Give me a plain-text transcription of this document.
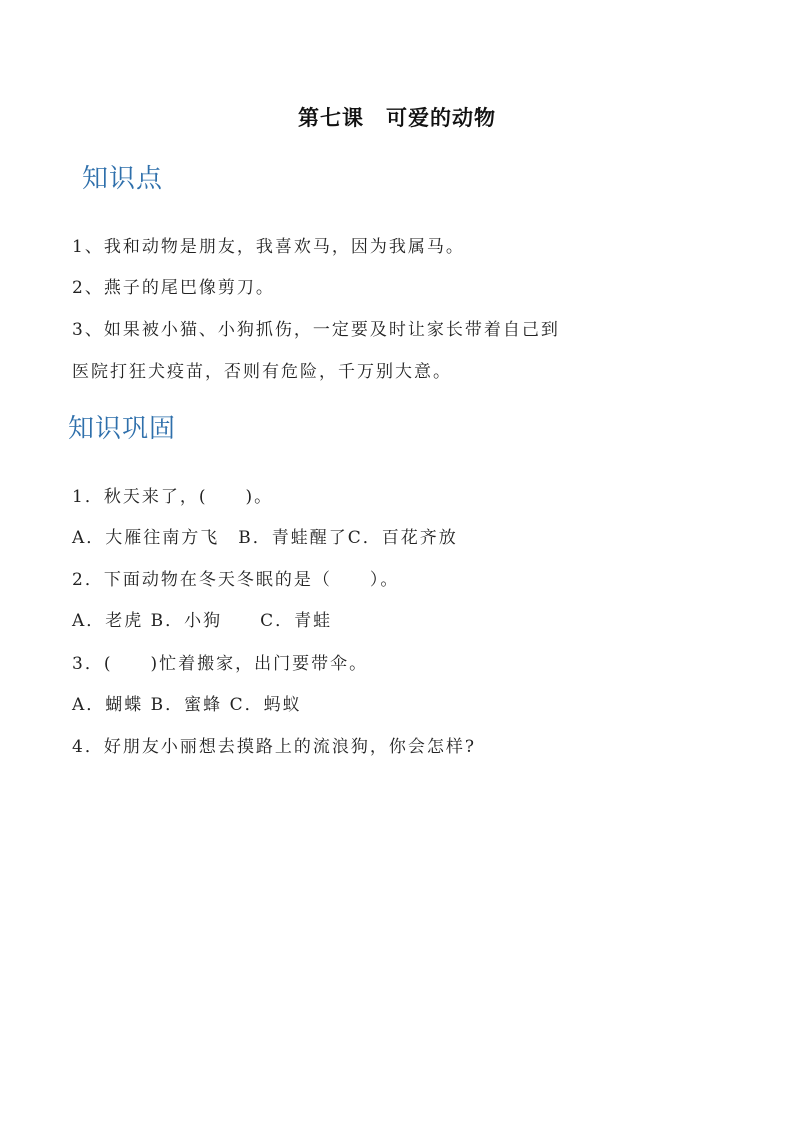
第七课　可爱的动物
知识点
1、我和动物是朋友，我喜欢马，因为我属马。
2、燕子的尾巴像剪刀。
3、如果被小猫、小狗抓伤，一定要及时让家长带着自己到
医院打狂犬疫苗，否则有危险，千万别大意。
知识巩固
1．秋天来了，(　　)。
A．大雁往南方飞　B．青蛙醒了C．百花齐放
2．下面动物在冬天冬眠的是（　　）。
A．老虎 B．小狗　　C．青蛙
3．(　　)忙着搬家，出门要带伞。
A．蝴蝶 B．蜜蜂 C．蚂蚁
4．好朋友小丽想去摸路上的流浪狗，你会怎样?
